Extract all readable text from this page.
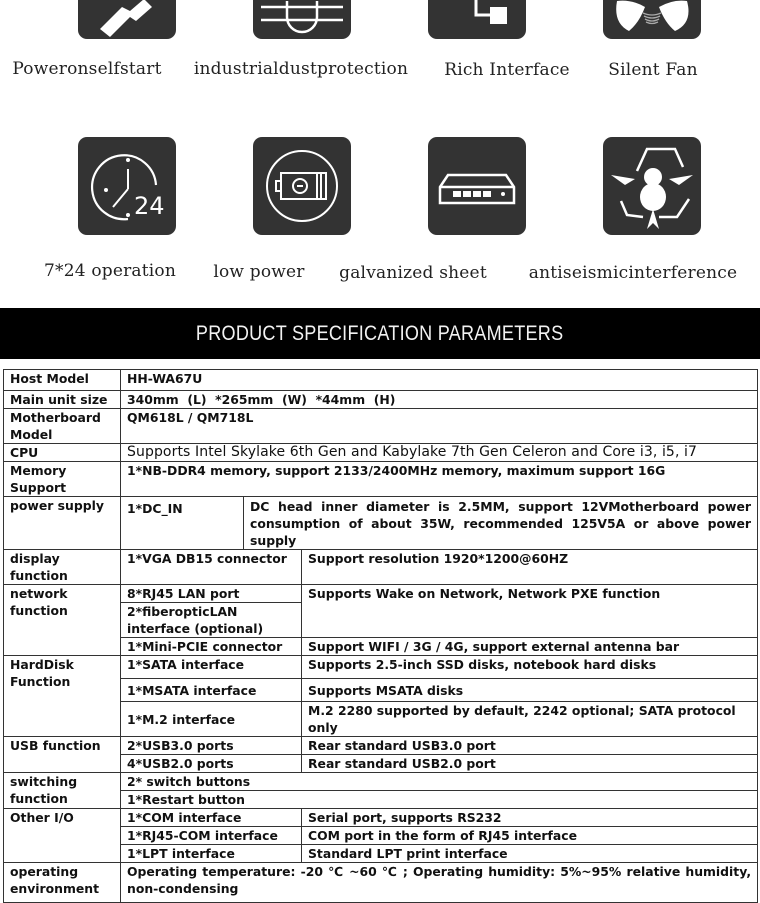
Poweronselfstart industrialdustprotection Rich Interface Silent Fan
24
7*24 operation low power galvanized sheet antiseismicinterference
PRODUCT SPECIFICATION PARAMETERS
Host Model	HH-WA67U		
Main unit size	340mm  (L)  *265mm  (W)  *44mm  (H)		
Motherboard Model	QM618L / QM718L		
CPU	Supports Intel Skylake 6th Gen and Kabylake 7th Gen Celeron and Core i3, i5, i7		
Memory Support	1*NB-DDR4 memory, support 2133/2400MHz memory, maximum support 16G		
power supply	1*DC_IN	DC head inner diameter is 2.5MM, support 12VMotherboard power consumption of about 35W, recommended 125V5A or above power supply	
display function	1*VGA DB15 connector		Support resolution 1920*1200@60HZ
network function	8*RJ45 LAN port		Supports Wake on Network, Network PXE function
	2*fiberopticLAN interface (optional)		
	1*Mini-PCIE connector		Support WIFI / 3G / 4G, support external antenna bar
HardDisk Function	1*SATA interface		Supports 2.5-inch SSD disks, notebook hard disks
	1*MSATA interface		Supports MSATA disks
	1*M.2 interface		M.2 2280 supported by default, 2242 optional; SATA protocol only
USB function	2*USB3.0 ports		Rear standard USB3.0 port
	4*USB2.0 ports		Rear standard USB2.0 port
switching function	2* switch buttons		
	1*Restart button		
Other I/O	1*COM interface		Serial port, supports RS232
	1*RJ45-COM interface		COM port in the form of RJ45 interface
	1*LPT interface		Standard LPT print interface
operating environment	Operating temperature: -20 ℃ ~60 ℃ ; Operating humidity: 5%~95% relative humidity,
non-condensing		
